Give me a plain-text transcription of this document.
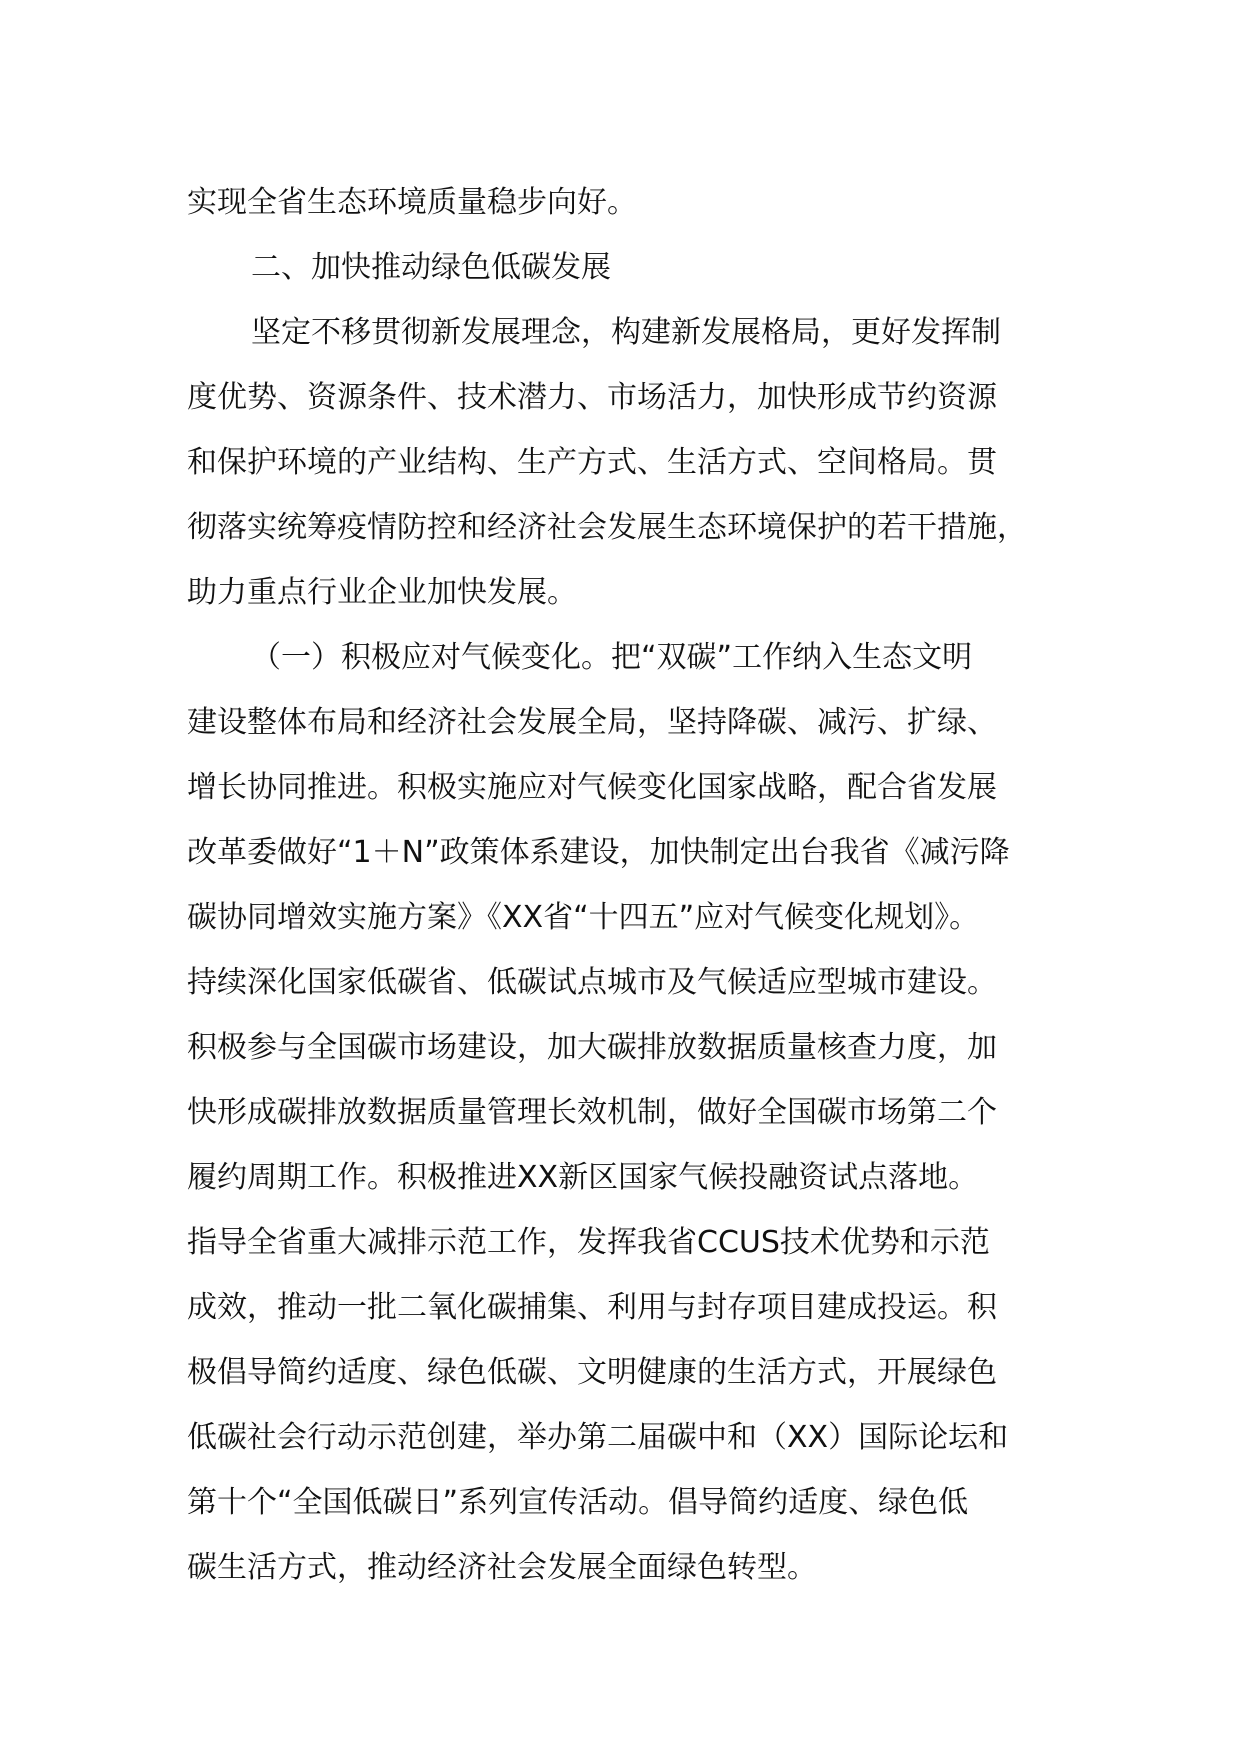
实现全省生态环境质量稳步向好。
二、加快推动绿色低碳发展
坚定不移贯彻新发展理念，构建新发展格局，更好发挥制
度优势、资源条件、技术潜力、市场活力，加快形成节约资源
和保护环境的产业结构、生产方式、生活方式、空间格局。贯
彻落实统筹疫情防控和经济社会发展生态环境保护的若干措施，
助力重点行业企业加快发展。
（一）积极应对气候变化。把“双碳”工作纳入生态文明
建设整体布局和经济社会发展全局，坚持降碳、减污、扩绿、
增长协同推进。积极实施应对气候变化国家战略，配合省发展
改革委做好“1＋N”政策体系建设，加快制定出台我省《减污降
碳协同增效实施方案》《XX省“十四五”应对气候变化规划》。
持续深化国家低碳省、低碳试点城市及气候适应型城市建设。
积极参与全国碳市场建设，加大碳排放数据质量核查力度，加
快形成碳排放数据质量管理长效机制，做好全国碳市场第二个
履约周期工作。积极推进XX新区国家气候投融资试点落地。
指导全省重大减排示范工作，发挥我省CCUS技术优势和示范
成效，推动一批二氧化碳捕集、利用与封存项目建成投运。积
极倡导简约适度、绿色低碳、文明健康的生活方式，开展绿色
低碳社会行动示范创建，举办第二届碳中和（XX）国际论坛和
第十个“全国低碳日”系列宣传活动。倡导简约适度、绿色低
碳生活方式，推动经济社会发展全面绿色转型。
